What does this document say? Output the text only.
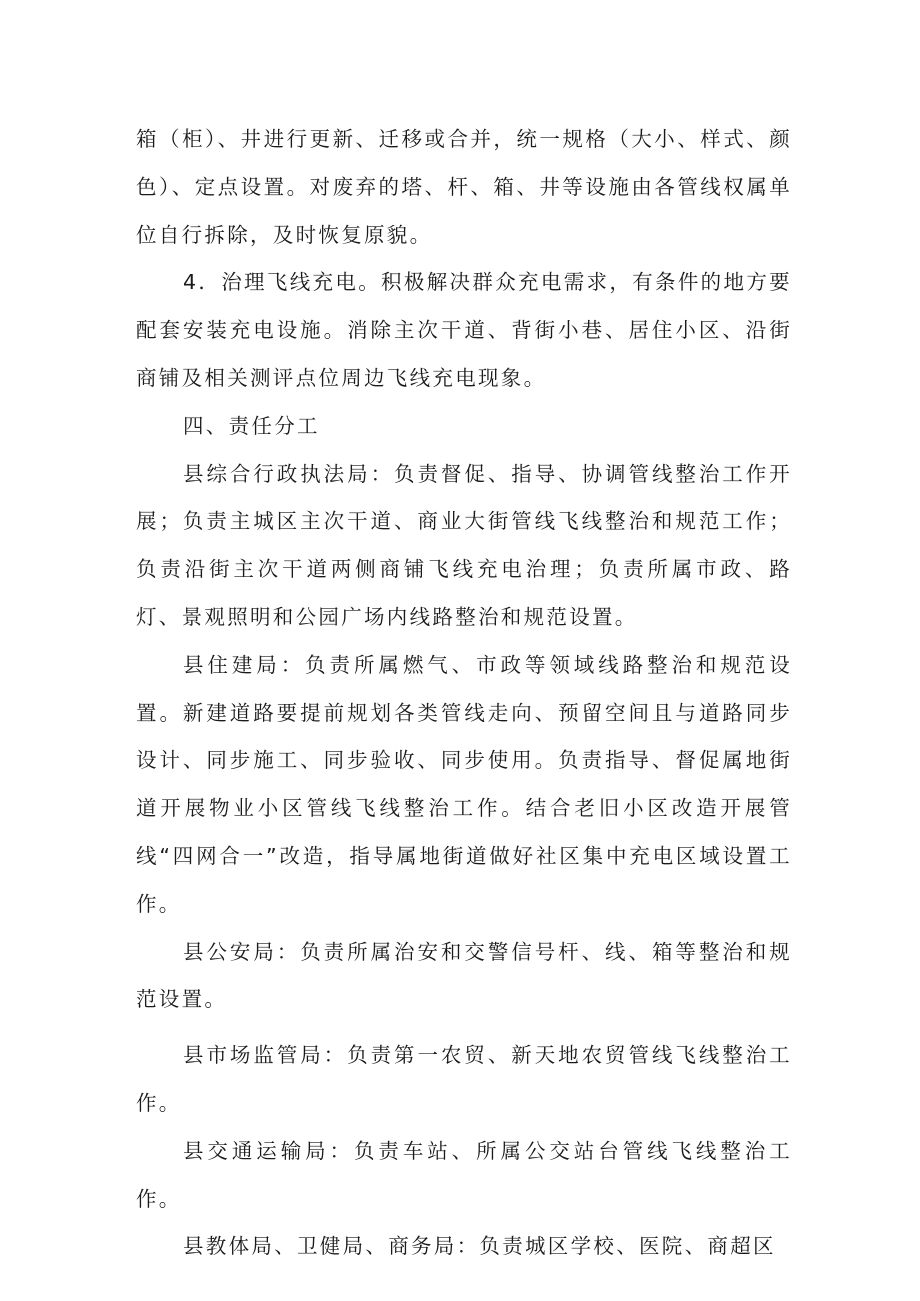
箱（柜）、井进行更新、迁移或合并，统一规格（大小、样式、颜色）、定点设置。对废弃的塔、杆、箱、井等设施由各管线权属单位自行拆除，及时恢复原貌。

4．治理飞线充电。积极解决群众充电需求，有条件的地方要配套安装充电设施。消除主次干道、背街小巷、居住小区、沿街商铺及相关测评点位周边飞线充电现象。

四、责任分工

县综合行政执法局：负责督促、指导、协调管线整治工作开展；负责主城区主次干道、商业大街管线飞线整治和规范工作；负责沿街主次干道两侧商铺飞线充电治理；负责所属市政、路灯、景观照明和公园广场内线路整治和规范设置。

县住建局：负责所属燃气、市政等领域线路整治和规范设置。新建道路要提前规划各类管线走向、预留空间且与道路同步设计、同步施工、同步验收、同步使用。负责指导、督促属地街道开展物业小区管线飞线整治工作。结合老旧小区改造开展管线“四网合一”改造，指导属地街道做好社区集中充电区域设置工作。

县公安局：负责所属治安和交警信号杆、线、箱等整治和规范设置。

县市场监管局：负责第一农贸、新天地农贸管线飞线整治工作。

县交通运输局：负责车站、所属公交站台管线飞线整治工作。

县教体局、卫健局、商务局：负责城区学校、医院、商超区
